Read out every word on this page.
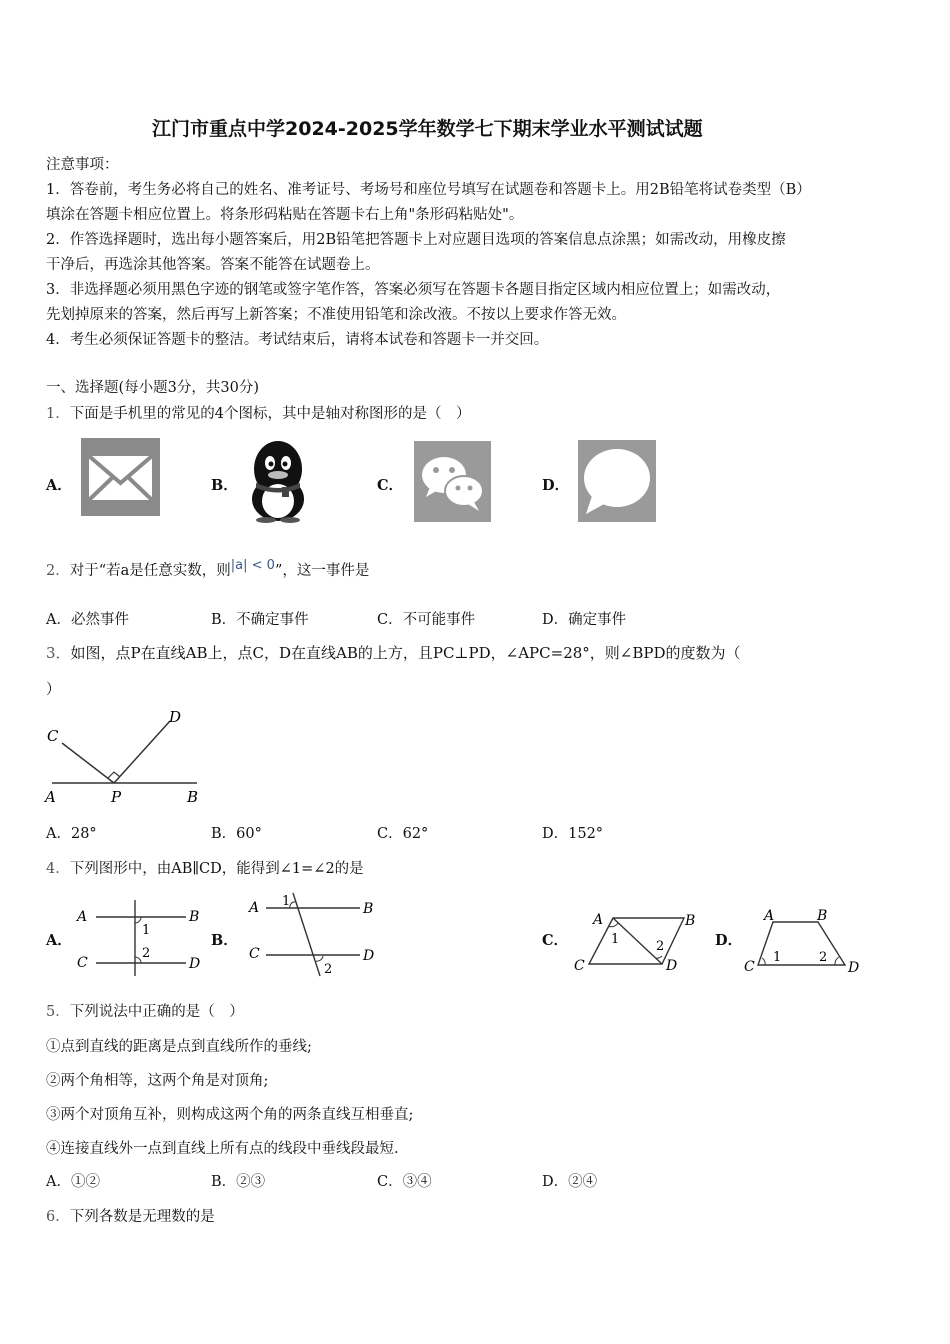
江门市重点中学2024-2025学年数学七下期末学业水平测试试题
注意事项：
1．答卷前，考生务必将自己的姓名、准考证号、考场号和座位号填写在试题卷和答题卡上。用2B铅笔将试卷类型（B）
填涂在答题卡相应位置上。将条形码粘贴在答题卡右上角"条形码粘贴处"。
2．作答选择题时，选出每小题答案后，用2B铅笔把答题卡上对应题目选项的答案信息点涂黑；如需改动，用橡皮擦
干净后，再选涂其他答案。答案不能答在试题卷上。
3．非选择题必须用黑色字迹的钢笔或签字笔作答，答案必须写在答题卡各题目指定区域内相应位置上；如需改动，
先划掉原来的答案，然后再写上新答案；不准使用铅笔和涂改液。不按以上要求作答无效。
4．考生必须保证答题卡的整洁。考试结束后，请将本试卷和答题卡一并交回。
一、选择题(每小题3分，共30分)
1．下面是手机里的常见的4个图标，其中是轴对称图形的是（　）
A．	B．	C．	D．
2．对于“若a是任意实数，则|a| < 0”，这一事件是
A．必然事件	B．不确定事件	C．不可能事件	D．确定事件
3．如图，点P在直线AB上，点C，D在直线AB的上方，且PC⊥PD，∠APC=28°，则∠BPD的度数为（
）
C
D
A	P	B
A．28°	B．60°	C．62°	D．152°
4．下列图形中，由AB∥CD，能得到∠1=∠2的是
A．	B．	C．	D．
A	B
C	D
1
2
A	B
C	D
1
2
A	B
C	D
1	2
A	B
C	D
1	2
5．下列说法中正确的是（　）
①点到直线的距离是点到直线所作的垂线;
②两个角相等，这两个角是对顶角;
③两个对顶角互补，则构成这两个角的两条直线互相垂直;
④连接直线外一点到直线上所有点的线段中垂线段最短.
A．①②	B．②③	C．③④	D．②④
6．下列各数是无理数的是
